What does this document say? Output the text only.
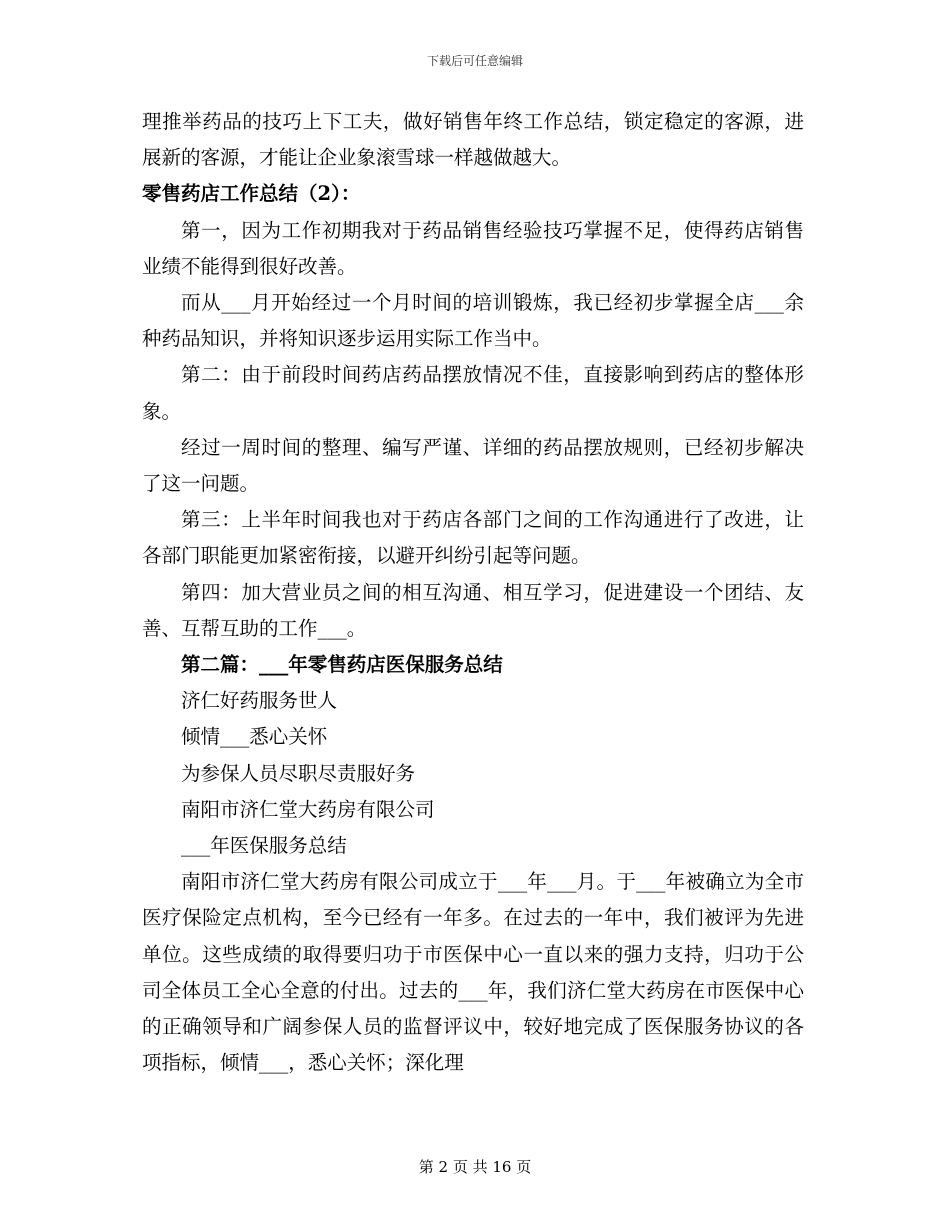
下载后可任意编辑

理推举药品的技巧上下工夫，做好销售年终工作总结，锁定稳定的客源，进展新的客源，才能让企业象滚雪球一样越做越大。

零售药店工作总结（2）：

第一，因为工作初期我对于药品销售经验技巧掌握不足，使得药店销售业绩不能得到很好改善。

而从___月开始经过一个月时间的培训锻炼，我已经初步掌握全店___余种药品知识，并将知识逐步运用实际工作当中。

第二：由于前段时间药店药品摆放情况不佳，直接影响到药店的整体形象。

经过一周时间的整理、编写严谨、详细的药品摆放规则，已经初步解决了这一问题。

第三：上半年时间我也对于药店各部门之间的工作沟通进行了改进，让各部门职能更加紧密衔接，以避开纠纷引起等问题。

第四：加大营业员之间的相互沟通、相互学习，促进建设一个团结、友善、互帮互助的工作___。

第二篇：___年零售药店医保服务总结

济仁好药服务世人

倾情___悉心关怀

为参保人员尽职尽责服好务

南阳市济仁堂大药房有限公司

___年医保服务总结

南阳市济仁堂大药房有限公司成立于___年___月。于___年被确立为全市医疗保险定点机构，至今已经有一年多。在过去的一年中，我们被评为先进单位。这些成绩的取得要归功于市医保中心一直以来的强力支持，归功于公司全体员工全心全意的付出。过去的___年，我们济仁堂大药房在市医保中心的正确领导和广阔参保人员的监督评议中，较好地完成了医保服务协议的各项指标，倾情___，悉心关怀；深化理

第 2 页 共 16 页
